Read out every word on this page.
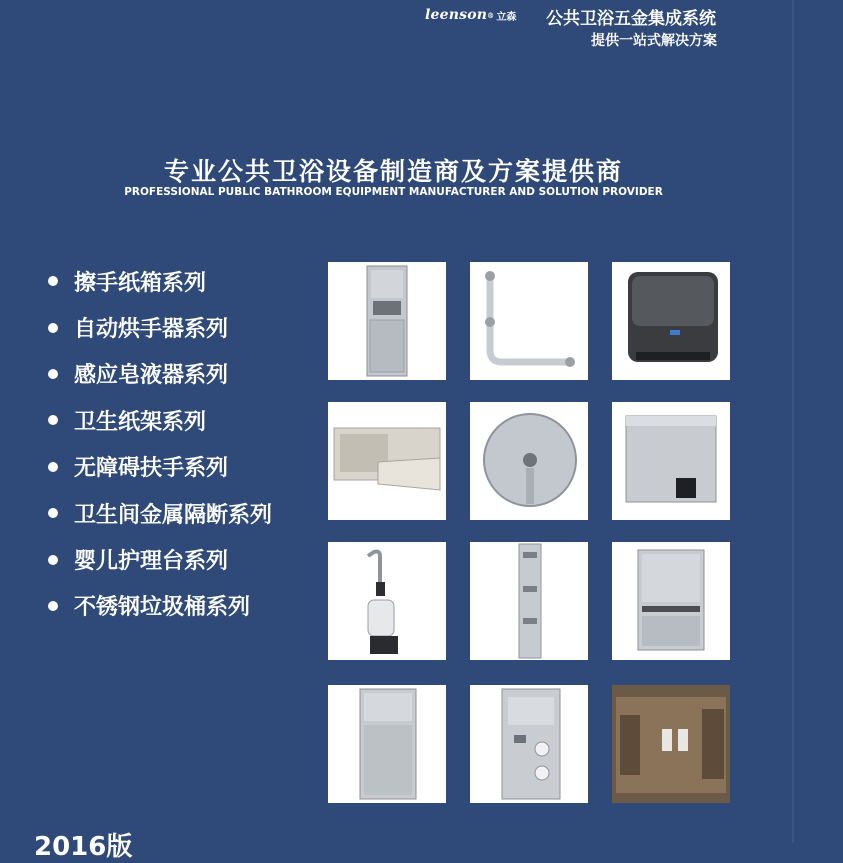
leenson ® 立森 公共卫浴五金集成系统
提供一站式解决方案
专业公共卫浴设备制造商及方案提供商
PROFESSIONAL PUBLIC BATHROOM EQUIPMENT MANUFACTURER AND SOLUTION PROVIDER
擦手纸箱系列
自动烘手器系列
感应皂液器系列
卫生纸架系列
无障碍扶手系列
卫生间金属隔断系列
婴儿护理台系列
不锈钢垃圾桶系列
2016版
